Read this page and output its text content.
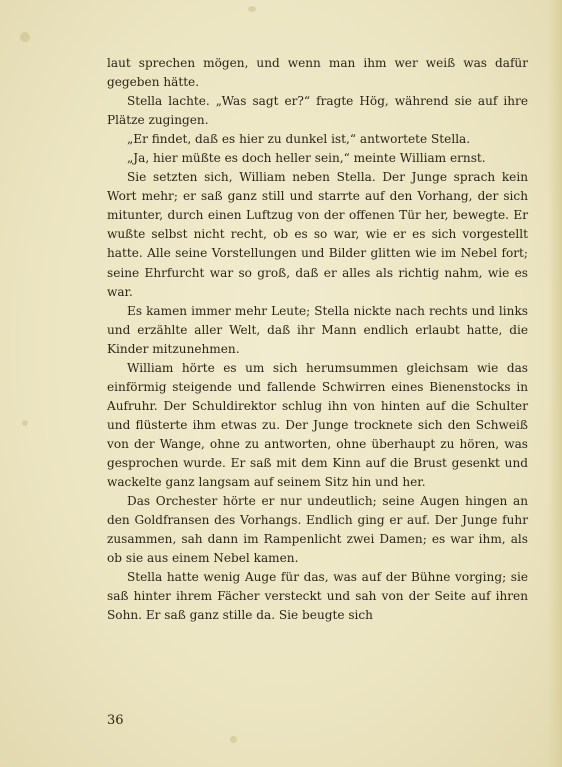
laut sprechen mögen, und wenn man ihm wer weiß was dafür gegeben hätte.

Stella lachte. „Was sagt er?“ fragte Hög, während sie auf ihre Plätze zugingen.

„Er findet, daß es hier zu dunkel ist,“ antwortete Stella.

„Ja, hier müßte es doch heller sein,“ meinte William ernst.

Sie setzten sich, William neben Stella. Der Junge sprach kein Wort mehr; er saß ganz still und starrte auf den Vorhang, der sich mitunter, durch einen Luftzug von der offenen Tür her, bewegte. Er wußte selbst nicht recht, ob es so war, wie er es sich vorgestellt hatte. Alle seine Vorstellungen und Bilder glitten wie im Nebel fort; seine Ehrfurcht war so groß, daß er alles als richtig nahm, wie es war.

Es kamen immer mehr Leute; Stella nickte nach rechts und links und erzählte aller Welt, daß ihr Mann endlich erlaubt hatte, die Kinder mitzunehmen.

William hörte es um sich herumsummen gleichsam wie das einförmig steigende und fallende Schwirren eines Bienenstocks in Aufruhr. Der Schuldirektor schlug ihn von hinten auf die Schulter und flüsterte ihm etwas zu. Der Junge trocknete sich den Schweiß von der Wange, ohne zu antworten, ohne überhaupt zu hören, was gesprochen wurde. Er saß mit dem Kinn auf die Brust gesenkt und wackelte ganz langsam auf seinem Sitz hin und her.

Das Orchester hörte er nur undeutlich; seine Augen hingen an den Goldfransen des Vorhangs. Endlich ging er auf. Der Junge fuhr zusammen, sah dann im Rampenlicht zwei Damen; es war ihm, als ob sie aus einem Nebel kamen.

Stella hatte wenig Auge für das, was auf der Bühne vorging; sie saß hinter ihrem Fächer versteckt und sah von der Seite auf ihren Sohn. Er saß ganz stille da. Sie beugte sich

36
